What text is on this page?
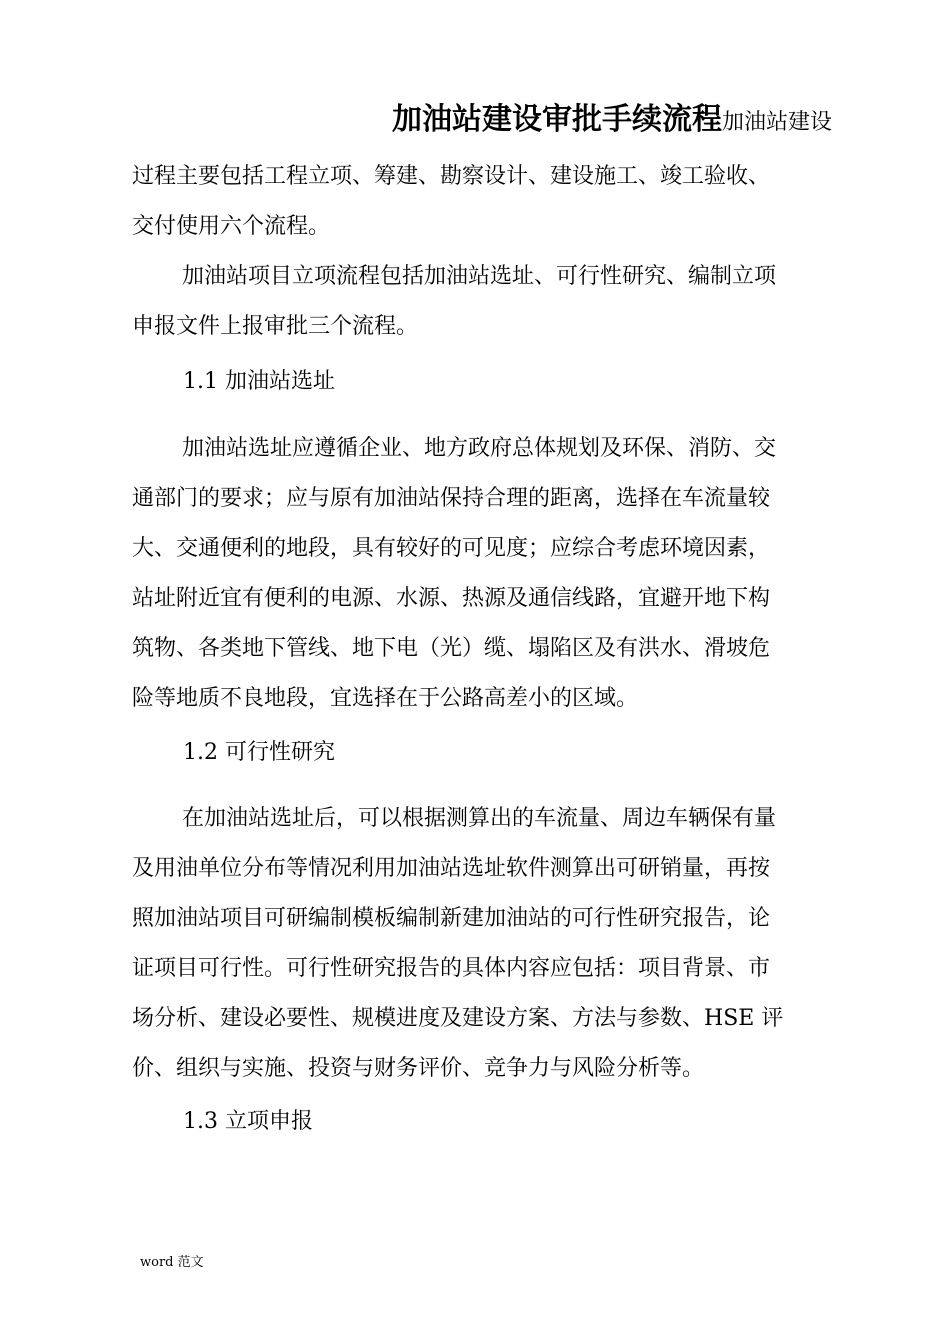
加油站建设审批手续流程加油站建设
过程主要包括工程立项、筹建、勘察设计、建设施工、竣工验收、
交付使用六个流程。
加油站项目立项流程包括加油站选址、可行性研究、编制立项
申报文件上报审批三个流程。
1.1 加油站选址
加油站选址应遵循企业、地方政府总体规划及环保、消防、交
通部门的要求；应与原有加油站保持合理的距离，选择在车流量较
大、交通便利的地段，具有较好的可见度；应综合考虑环境因素，
站址附近宜有便利的电源、水源、热源及通信线路，宜避开地下构
筑物、各类地下管线、地下电（光）缆、塌陷区及有洪水、滑坡危
险等地质不良地段，宜选择在于公路高差小的区域。
1.2 可行性研究
在加油站选址后，可以根据测算出的车流量、周边车辆保有量
及用油单位分布等情况利用加油站选址软件测算出可研销量，再按
照加油站项目可研编制模板编制新建加油站的可行性研究报告，论
证项目可行性。可行性研究报告的具体内容应包括：项目背景、市
场分析、建设必要性、规模进度及建设方案、方法与参数、HSE 评
价、组织与实施、投资与财务评价、竞争力与风险分析等。
1.3 立项申报
word 范文
